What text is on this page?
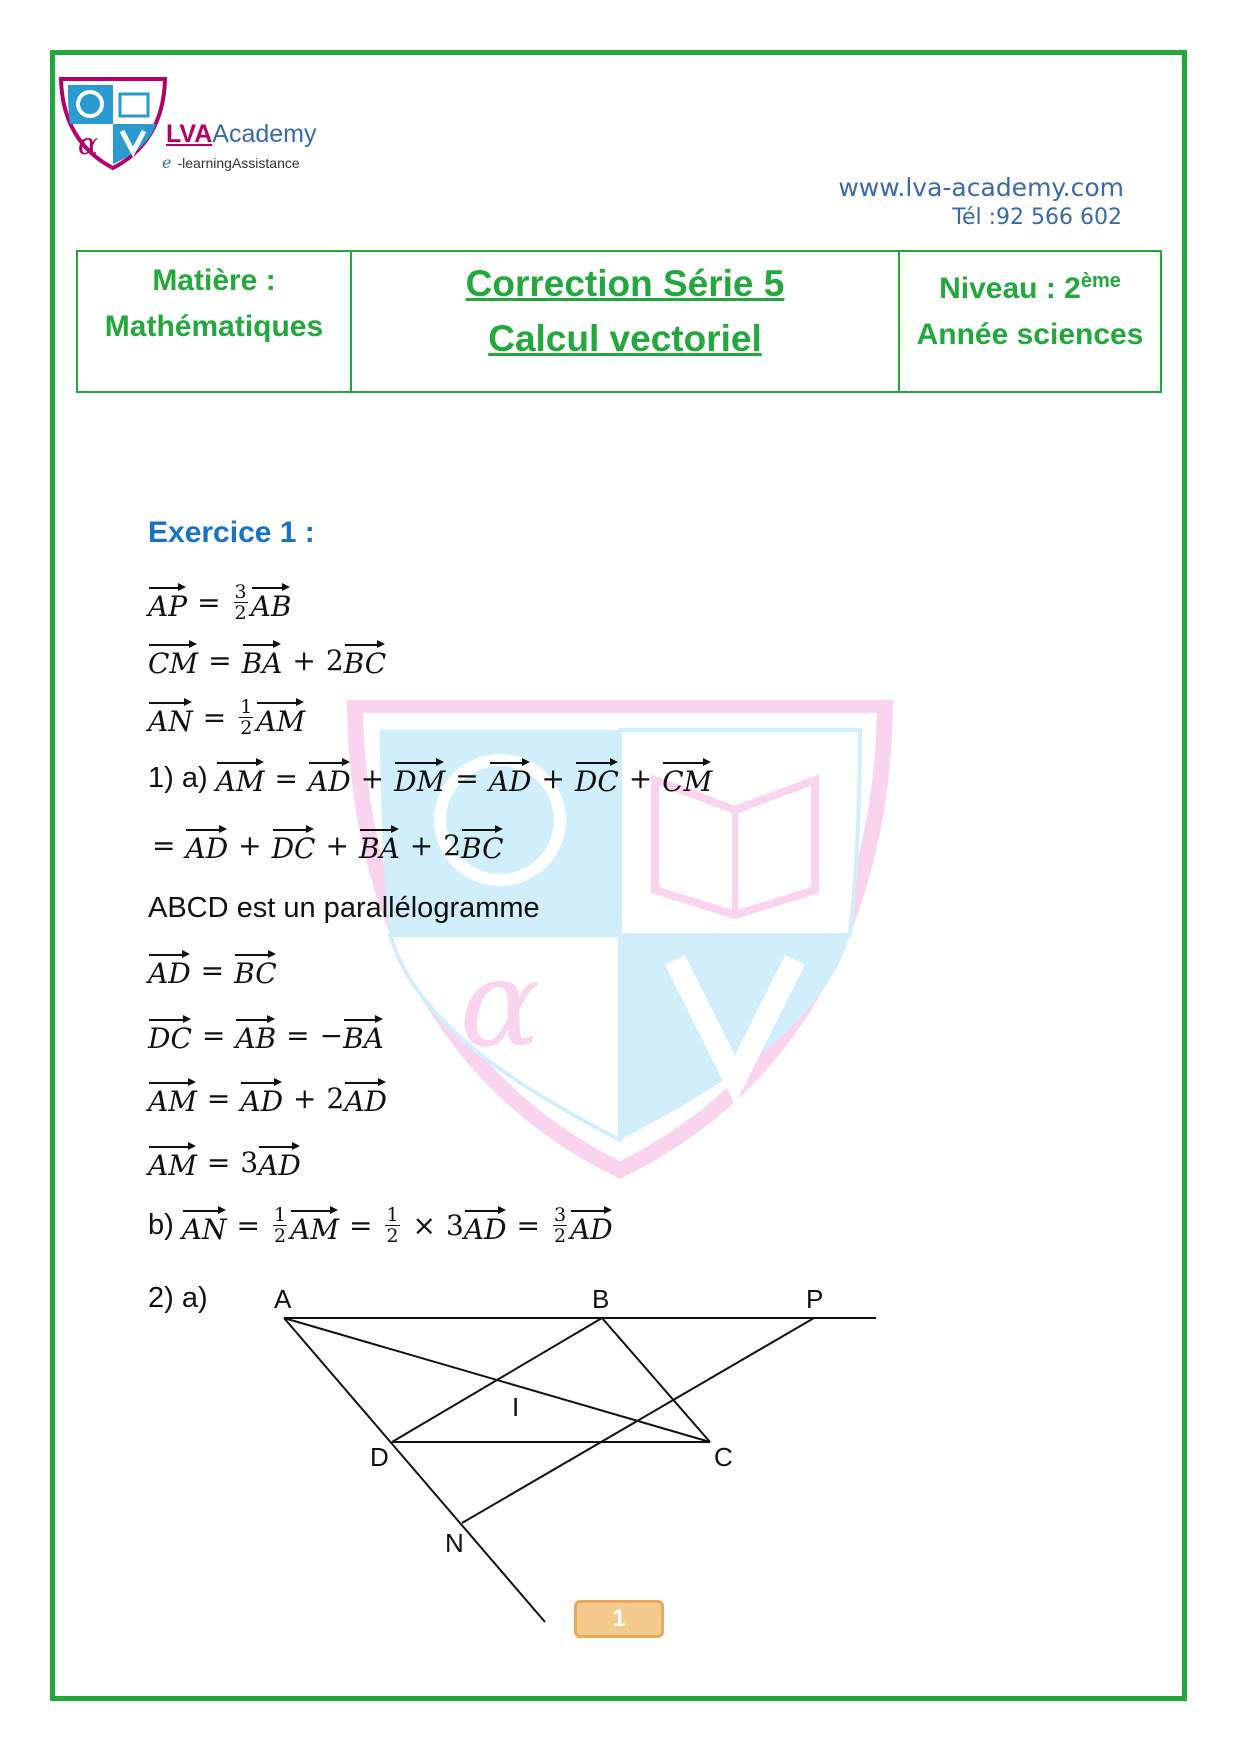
α
α	LVAAcademy
e -learningAssistance
www.lva-academy.com
Tél :92 566 602
Matière :
Mathématiques

Correction Série 5
Calcul vectoriel

Niveau : 2ème
Année sciences
Exercice 1 :
AP = $\frac{3}{2}$ AB
CM = BA + 2 BC
AN = $\frac{1}{2}$ AM
1) a) AM = AD + DM = AD + DC + CM
= AD + DC + BA + 2 BC
ABCD est un parallélogramme
AD = BC
DC = AB = − BA
AM = AD + 2 AD
AM = 3 AD
b) AN = $\frac{1}{2}$ AM = $\frac{1}{2} \times 3$ AD = $\frac{3}{2}$ AD
2) a)	A	B	P
I
D	C
N
1
